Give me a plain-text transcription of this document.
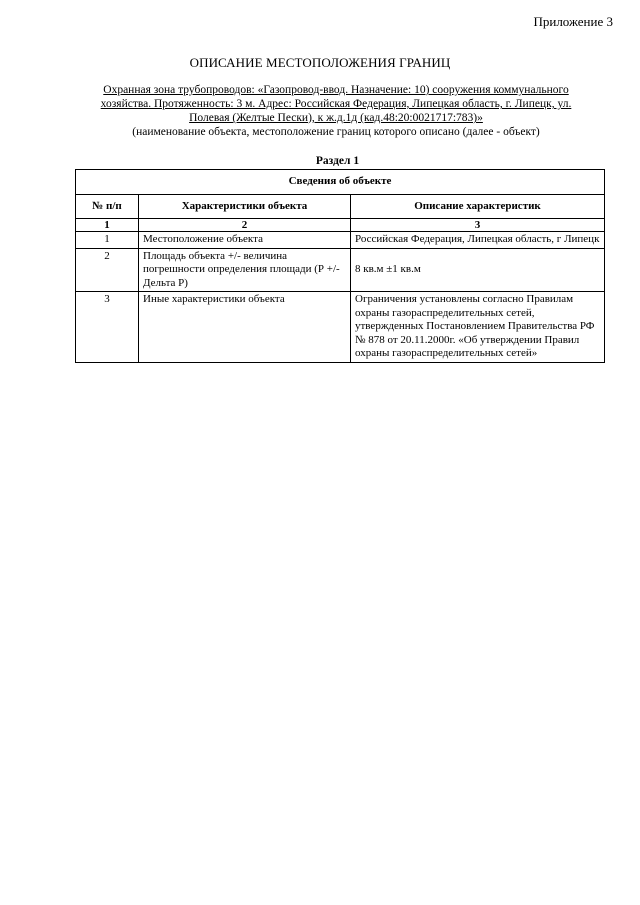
Приложение 3
ОПИСАНИЕ МЕСТОПОЛОЖЕНИЯ ГРАНИЦ
Охранная зона трубопроводов: «Газопровод-ввод. Назначение: 10) сооружения коммунального хозяйства. Протяженность: 3 м. Адрес: Российская Федерация, Липецкая область, г. Липецк, ул. Полевая (Желтые Пески), к ж.д.1д (кад.48:20:0021717:783)»
(наименование объекта, местоположение границ которого описано (далее - объект)
Раздел 1
Сведения об объекте		
№ п/п	Характеристики объекта	Описание характеристик
1	2	3
1	Местоположение объекта	Российская Федерация, Липецкая область, г Липецк
2	Площадь объекта +/- величина погрешности определения площади (Р +/- Дельта Р)	8 кв.м ±1 кв.м
3	Иные характеристики объекта	Ограничения установлены согласно Правилам охраны газораспределительных сетей, утвержденных Постановлением Правительства РФ № 878 от 20.11.2000г. «Об утверждении Правил охраны газораспределительных сетей»
